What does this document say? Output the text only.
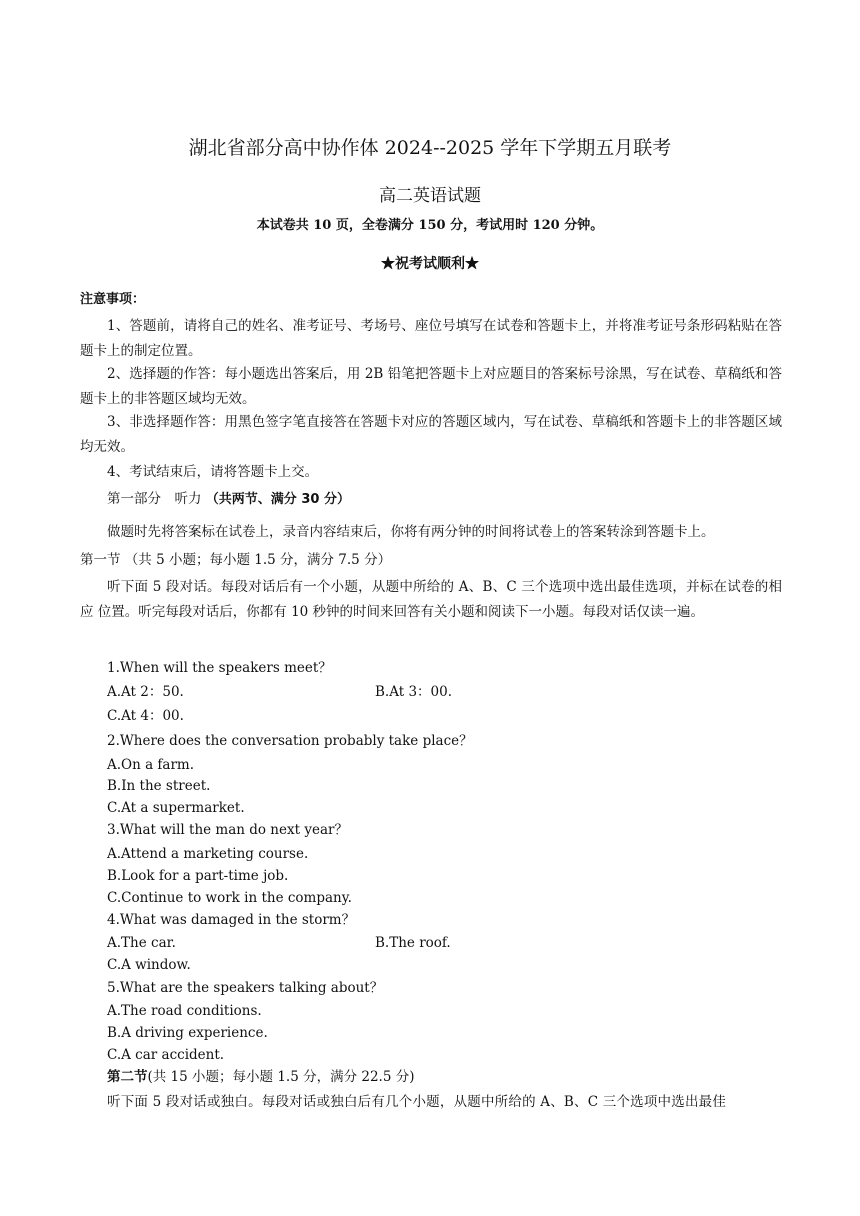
湖北省部分高中协作体 2024--2025 学年下学期五月联考
高二英语试题
本试卷共 10 页，全卷满分 150 分，考试用时 120 分钟。
★祝考试顺利★
注意事项：
1、答题前，请将自己的姓名、准考证号、考场号、座位号填写在试卷和答题卡上，并将准考证号条形码粘贴在答题卡上的制定位置。
2、选择题的作答：每小题选出答案后，用 2B 铅笔把答题卡上对应题目的答案标号涂黑，写在试卷、草稿纸和答题卡上的非答题区域均无效。
3、非选择题作答：用黑色签字笔直接答在答题卡对应的答题区域内，写在试卷、草稿纸和答题卡上的非答题区域均无效。
4、考试结束后，请将答题卡上交。
第一部分　听力 （共两节、满分 30 分）
做题时先将答案标在试卷上，录音内容结束后，你将有两分钟的时间将试卷上的答案转涂到答题卡上。
第一节 （共 5 小题；每小题 1.5 分，满分 7.5 分）
听下面 5 段对话。每段对话后有一个小题，从题中所给的 A、B、C 三个选项中选出最佳选项，并标在试卷的相应 位置。听完每段对话后，你都有 10 秒钟的时间来回答有关小题和阅读下一小题。每段对话仅读一遍。
1.When will the speakers meet？
A.At 2：50.	B.At 3：00.
C.At 4：00.
2.Where does the conversation probably take place？
A.On a farm.
B.In the street.
C.At a supermarket.
3.What will the man do next year？
A.Attend a marketing course.
B.Look for a part-time job.
C.Continue to work in the company.
4.What was damaged in the storm？
A.The car.	B.The roof.
C.A window.
5.What are the speakers talking about？
A.The road conditions.
B.A driving experience.
C.A car accident.
第二节(共 15 小题；每小题 1.5 分，满分 22.5 分)
听下面 5 段对话或独白。每段对话或独白后有几个小题，从题中所给的 A、B、C 三个选项中选出最佳
